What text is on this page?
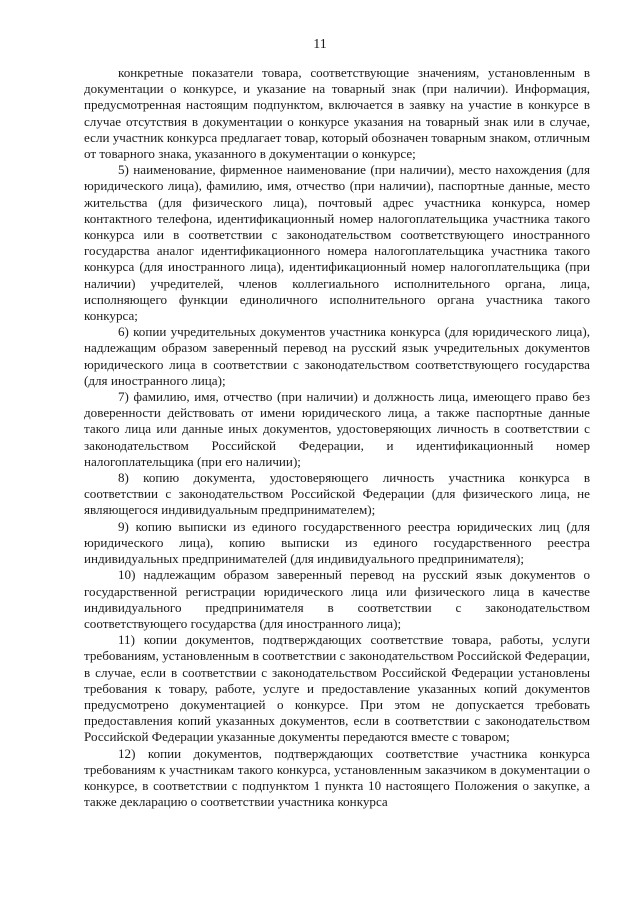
11

конкретные показатели товара, соответствующие значениям, установленным в документации о конкурсе, и указание на товарный знак (при наличии). Информация, предусмотренная настоящим подпунктом, включается в заявку на участие в конкурсе в случае отсутствия в документации о конкурсе указания на товарный знак или в случае, если участник конкурса предлагает товар, который обозначен товарным знаком, отличным от товарного знака, указанного в документации о конкурсе;

5) наименование, фирменное наименование (при наличии), место нахождения (для юридического лица), фамилию, имя, отчество (при наличии), паспортные данные, место жительства (для физического лица), почтовый адрес участника конкурса, номер контактного телефона, идентификационный номер налогоплательщика участника такого конкурса или в соответствии с законодательством соответствующего иностранного государства аналог идентификационного номера налогоплательщика участника такого конкурса (для иностранного лица), идентификационный номер налогоплательщика (при наличии) учредителей, членов коллегиального исполнительного органа, лица, исполняющего функции единоличного исполнительного органа участника такого конкурса;

6) копии учредительных документов участника конкурса (для юридического лица), надлежащим образом заверенный перевод на русский язык учредительных документов юридического лица в соответствии с законодательством соответствующего государства (для иностранного лица);

7) фамилию, имя, отчество (при наличии) и должность лица, имеющего право без доверенности действовать от имени юридического лица, а также паспортные данные такого лица или данные иных документов, удостоверяющих личность в соответствии с законодательством Российской Федерации, и идентификационный номер налогоплательщика (при его наличии);

8) копию документа, удостоверяющего личность участника конкурса в соответствии с законодательством Российской Федерации (для физического лица, не являющегося индивидуальным предпринимателем);

9) копию выписки из единого государственного реестра юридических лиц (для юридического лица), копию выписки из единого государственного реестра индивидуальных предпринимателей (для индивидуального предпринимателя);

10) надлежащим образом заверенный перевод на русский язык документов о государственной регистрации юридического лица или физического лица в качестве индивидуального предпринимателя в соответствии с законодательством соответствующего государства (для иностранного лица);

11) копии документов, подтверждающих соответствие товара, работы, услуги требованиям, установленным в соответствии с законодательством Российской Федерации, в случае, если в соответствии с законодательством Российской Федерации установлены требования к товару, работе, услуге и предоставление указанных копий документов предусмотрено документацией о конкурсе. При этом не допускается требовать предоставления копий указанных документов, если в соответствии с законодательством Российской Федерации указанные документы передаются вместе с товаром;

12) копии документов, подтверждающих соответствие участника конкурса требованиям к участникам такого конкурса, установленным заказчиком в документации о конкурсе, в соответствии с подпунктом 1 пункта 10 настоящего Положения о закупке, а также декларацию о соответствии участника конкурса
